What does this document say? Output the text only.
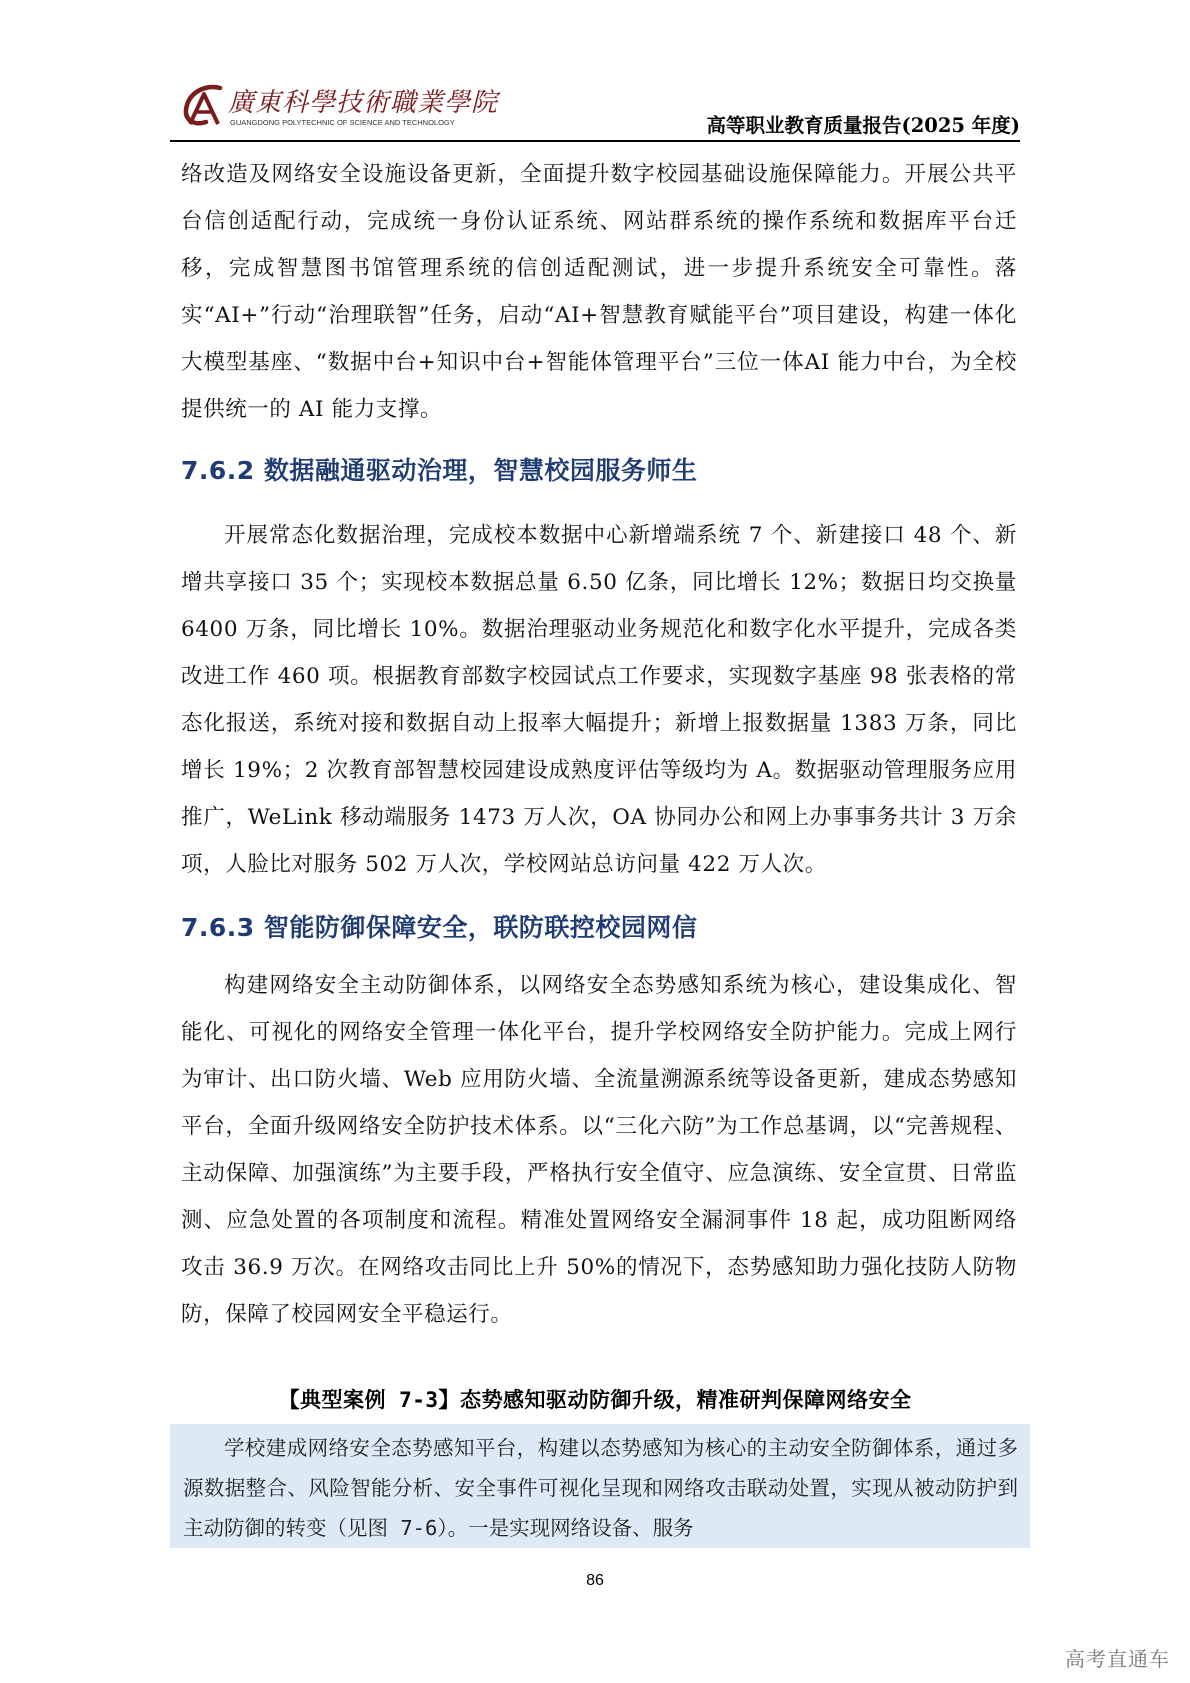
廣東科學技術職業學院
GUANGDONG POLYTECHNIC OF SCIENCE AND TECHNOLOGY	高等职业教育质量报告(2025 年度)

络改造及网络安全设施设备更新，全面提升数字校园基础设施保障能力。开展公共平台信创适配行动，完成统一身份认证系统、网站群系统的操作系统和数据库平台迁移，完成智慧图书馆管理系统的信创适配测试，进一步提升系统安全可靠性。落实“AI+”行动“治理联智”任务，启动“AI+智慧教育赋能平台”项目建设，构建一体化大模型基座、“数据中台+知识中台+智能体管理平台”三位一体AI 能力中台，为全校提供统一的 AI 能力支撑。

7.6.2 数据融通驱动治理，智慧校园服务师生

开展常态化数据治理，完成校本数据中心新增端系统 7 个、新建接口 48 个、新增共享接口 35 个；实现校本数据总量 6.50 亿条，同比增长 12%；数据日均交换量 6400 万条，同比增长 10%。数据治理驱动业务规范化和数字化水平提升，完成各类改进工作 460 项。根据教育部数字校园试点工作要求，实现数字基座 98 张表格的常态化报送，系统对接和数据自动上报率大幅提升；新增上报数据量 1383 万条，同比增长 19%；2 次教育部智慧校园建设成熟度评估等级均为 A。数据驱动管理服务应用推广，WeLink 移动端服务 1473 万人次，OA 协同办公和网上办事事务共计 3 万余项，人脸比对服务 502 万人次，学校网站总访问量 422 万人次。

7.6.3 智能防御保障安全，联防联控校园网信

构建网络安全主动防御体系，以网络安全态势感知系统为核心，建设集成化、智能化、可视化的网络安全管理一体化平台，提升学校网络安全防护能力。完成上网行为审计、出口防火墙、Web 应用防火墙、全流量溯源系统等设备更新，建成态势感知平台，全面升级网络安全防护技术体系。以“三化六防”为工作总基调，以“完善规程、主动保障、加强演练”为主要手段，严格执行安全值守、应急演练、安全宣贯、日常监测、应急处置的各项制度和流程。精准处置网络安全漏洞事件 18 起，成功阻断网络攻击 36.9 万次。在网络攻击同比上升 50%的情况下，态势感知助力强化技防人防物防，保障了校园网安全平稳运行。

【典型案例 7-3】态势感知驱动防御升级，精准研判保障网络安全

学校建成网络安全态势感知平台，构建以态势感知为核心的主动安全防御体系，通过多源数据整合、风险智能分析、安全事件可视化呈现和网络攻击联动处置，实现从被动防护到主动防御的转变（见图 7-6）。一是实现网络设备、服务

86
高考直通车
